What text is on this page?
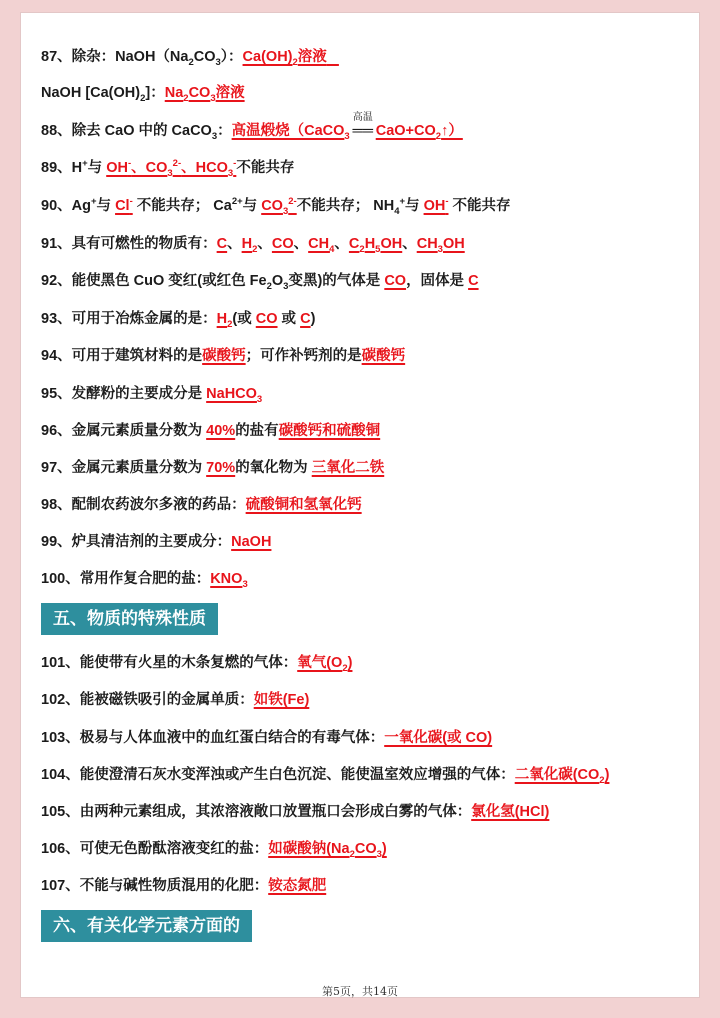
87、除杂：$NaOH(Na_2CO_3)$：$Ca(OH)_2$溶液
NaOH $[Ca(OH)_2]$：$Na_2CO_3$溶液
88、除去 CaO 中的 CaCO$_3$：高温煅烧（CaCO$_3$
高温
══ $CaO+CO_2↑$）
89、H+与 OH-、$CO_3^{2-}$、$HCO_3^-$不能共存
90、Ag+与 Cl- 不能共存； $Ca^{2+}$与 $CO_3^{2-}$不能共存； $NH_4^+$与 OH- 不能共存
91、具有可燃性的物质有：C、$H_2$、CO、$CH_4$、$C_2H_5OH$、$CH_3OH$
92、能使黑色 CuO 变红(或红色 $Fe_2O_3$变黑)的气体是 CO，固体是 C
93、可用于冶炼金属的是：$H_2$(或 CO 或 C)
94、可用于建筑材料的是碳酸钙；可作补钙剂的是碳酸钙
95、发酵粉的主要成分是 NaHCO$_3$
96、金属元素质量分数为 40%的盐有碳酸钙和硫酸铜
97、金属元素质量分数为 70%的氧化物为 三氧化二铁
98、配制农药波尔多液的药品：硫酸铜和氢氧化钙
99、炉具清洁剂的主要成分：NaOH
100、常用作复合肥的盐：$KNO_3$
五、物质的特殊性质
101、能使带有火星的木条复燃的气体：氧气$(O_2)$
102、能被磁铁吸引的金属单质：如铁(Fe)
103、极易与人体血液中的血红蛋白结合的有毒气体：一氧化碳(或 CO)
104、能使澄清石灰水变浑浊或产生白色沉淀、能使温室效应增强的气体：二氧化碳$(CO_2)$
105、由两种元素组成，其浓溶液敞口放置瓶口会形成白雾的气体：氯化氢(HCl)
106、可使无色酚酞溶液变红的盐：如碳酸钠$(Na_2CO_3)$
107、不能与碱性物质混用的化肥：铵态氮肥
六、有关化学元素方面的
第5页，共14页
